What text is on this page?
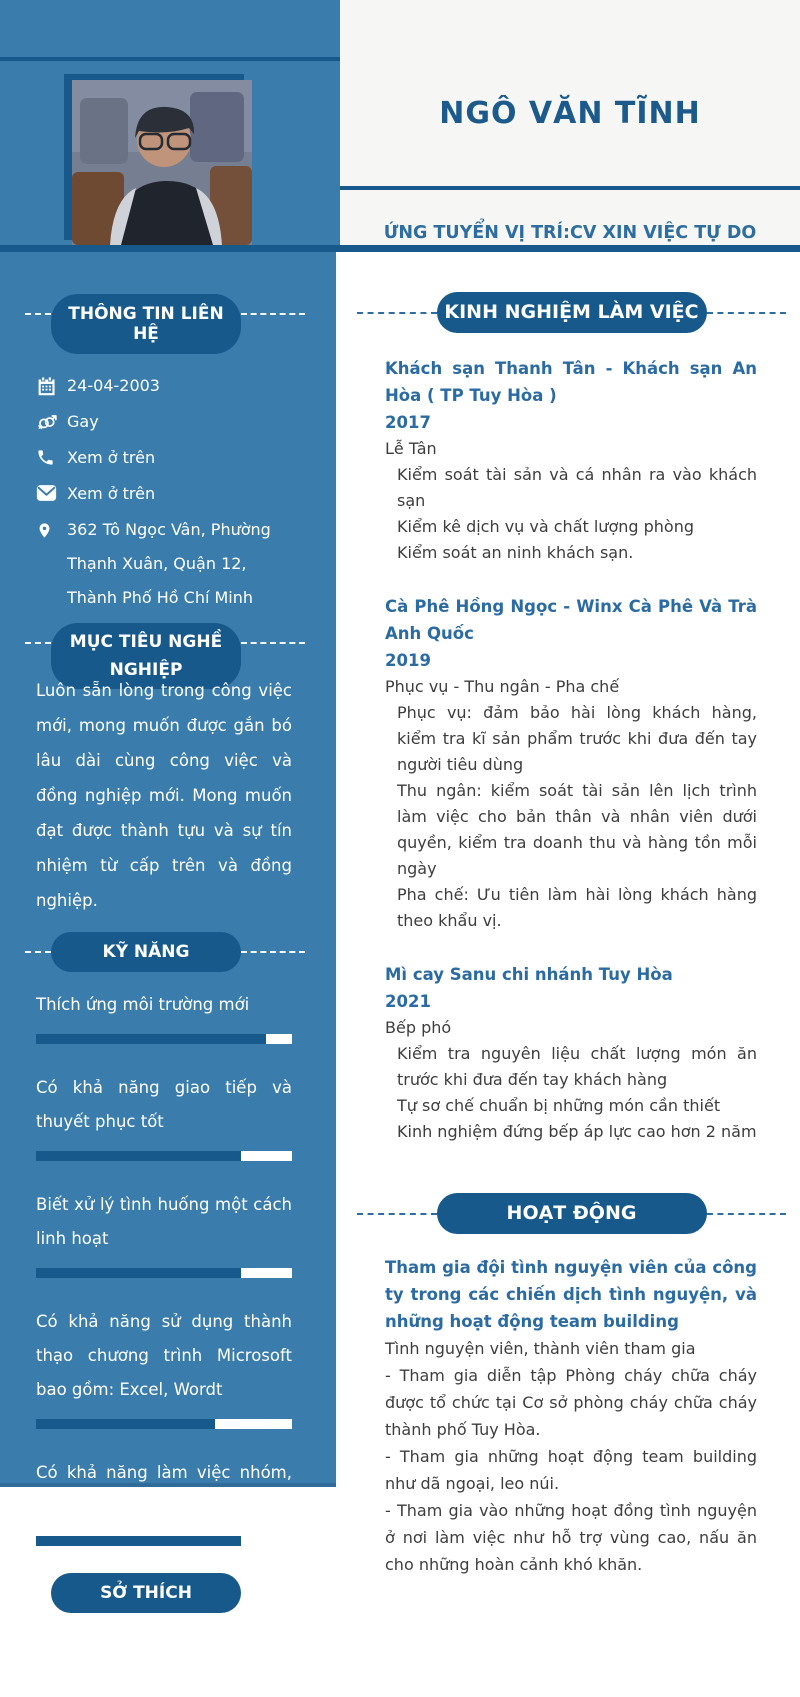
NGÔ VĂN TĨNH
ỨNG TUYỂN VỊ TRÍ:CV XIN VIỆC TỰ DO
THÔNG TIN LIÊN HỆ
24-04-2003
Gay
Xem ở trên
Xem ở trên
362 Tô Ngọc Vân, Phường Thạnh Xuân, Quận 12, Thành Phố Hồ Chí Minh
MỤC TIÊU NGHỀ NGHIỆP

Luôn sẵn lòng trong công việc mới, mong muốn được gắn bó lâu dài cùng công việc và đồng nghiệp mới. Mong muốn đạt được thành tựu và sự tín nhiệm từ cấp trên và đồng nghiệp.

KỸ NĂNG
Thích ứng môi trường mới
Có khả năng giao tiếp và thuyết phục tốt
Biết xử lý tình huống một cách linh hoạt
Có khả năng sử dụng thành thạo chương trình Microsoft bao gồm: Excel, Wordt
Có khả năng làm việc nhóm, chịu được áp lực công việc cao
SỞ THÍCH

- Du lịch- Ca hát- Tham gia vào các hoạt động tập thể

KINH NGHIỆM LÀM VIỆC
Khách sạn Thanh Tân - Khách sạn An Hòa ( TP Tuy Hòa )
2017
Lễ Tân
Kiểm soát tài sản và cá nhân ra vào khách sạn
Kiểm kê dịch vụ và chất lượng phòng
Kiểm soát an ninh khách sạn.
Cà Phê Hồng Ngọc - Winx Cà Phê Và Trà Anh Quốc
2019
Phục vụ - Thu ngân - Pha chế
Phục vụ: đảm bảo hài lòng khách hàng, kiểm tra kĩ sản phẩm trước khi đưa đến tay người tiêu dùng
Thu ngân: kiểm soát tài sản lên lịch trình làm việc cho bản thân và nhân viên dưới quyền, kiểm tra doanh thu và hàng tồn mỗi ngày
Pha chế: Ưu tiên làm hài lòng khách hàng theo khẩu vị.
Mì cay Sanu chi nhánh Tuy Hòa
2021
Bếp phó
Kiểm tra nguyên liệu chất lượng món ăn trước khi đưa đến tay khách hàng
Tự sơ chế chuẩn bị những món cần thiết
Kinh nghiệm đứng bếp áp lực cao hơn 2 năm
HOẠT ĐỘNG
Tham gia đội tình nguyện viên của công ty trong các chiến dịch tình nguyện, và những hoạt động team building
Tình nguyện viên, thành viên tham gia
- Tham gia diễn tập Phòng cháy chữa cháy được tổ chức tại Cơ sở phòng cháy chữa cháy thành phố Tuy Hòa.
- Tham gia những hoạt động team building như dã ngoại, leo núi.
- Tham gia vào những hoạt đồng tình nguyện ở nơi làm việc như hỗ trợ vùng cao, nấu ăn cho những hoàn cảnh khó khăn.
